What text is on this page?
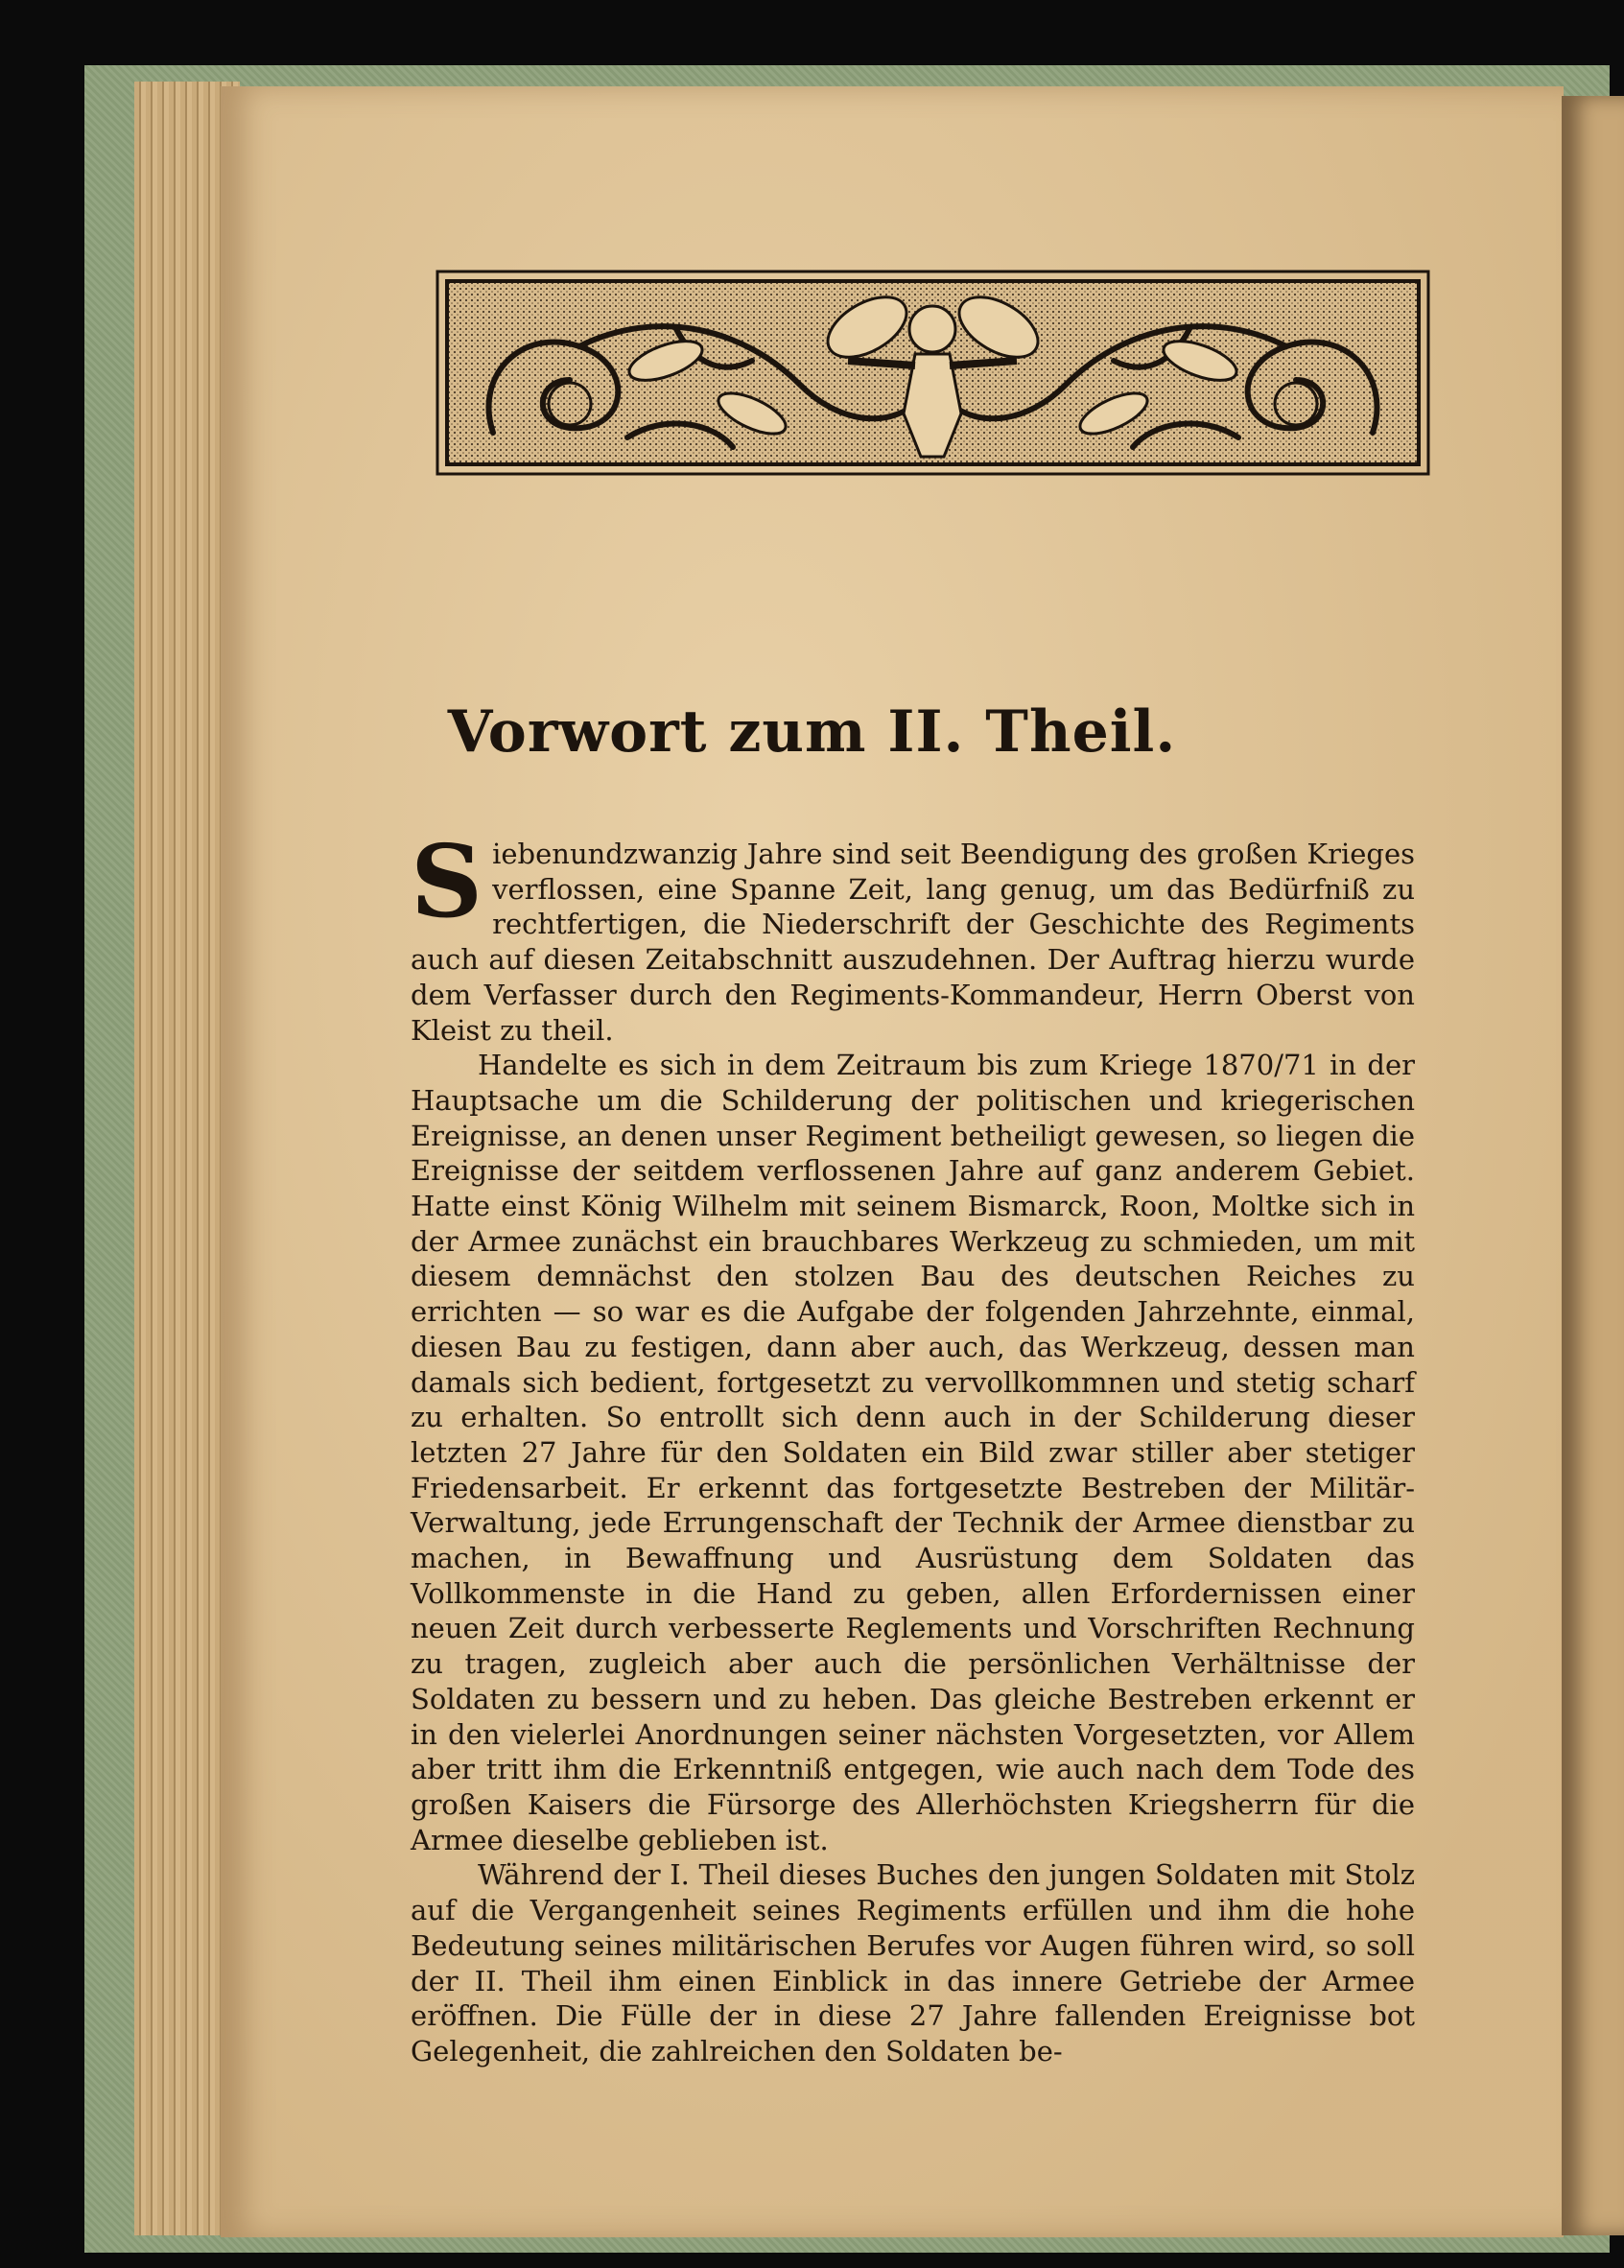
Vorwort zum II. Theil.

Siebenundzwanzig Jahre sind seit Beendigung des großen Krieges verflossen, eine Spanne Zeit, lang genug, um das Bedürfniß zu rechtfertigen, die Niederschrift der Geschichte des Regiments auch auf diesen Zeitabschnitt auszudehnen. Der Auftrag hierzu wurde dem Verfasser durch den Regiments-Kommandeur, Herrn Oberst von Kleist zu theil.

Handelte es sich in dem Zeitraum bis zum Kriege 1870/71 in der Hauptsache um die Schilderung der politischen und kriegerischen Ereignisse, an denen unser Regiment betheiligt gewesen, so liegen die Ereignisse der seitdem verflossenen Jahre auf ganz anderem Gebiet. Hatte einst König Wilhelm mit seinem Bismarck, Roon, Moltke sich in der Armee zunächst ein brauchbares Werkzeug zu schmieden, um mit diesem demnächst den stolzen Bau des deutschen Reiches zu errichten — so war es die Aufgabe der folgenden Jahrzehnte, einmal, diesen Bau zu festigen, dann aber auch, das Werkzeug, dessen man damals sich bedient, fortgesetzt zu vervollkommnen und stetig scharf zu erhalten. So entrollt sich denn auch in der Schilderung dieser letzten 27 Jahre für den Soldaten ein Bild zwar stiller aber stetiger Friedensarbeit. Er erkennt das fortgesetzte Bestreben der Militär-Verwaltung, jede Errungenschaft der Technik der Armee dienstbar zu machen, in Bewaffnung und Ausrüstung dem Soldaten das Vollkommenste in die Hand zu geben, allen Erfordernissen einer neuen Zeit durch verbesserte Reglements und Vorschriften Rechnung zu tragen, zugleich aber auch die persönlichen Verhältnisse der Soldaten zu bessern und zu heben. Das gleiche Bestreben erkennt er in den vielerlei Anordnungen seiner nächsten Vorgesetzten, vor Allem aber tritt ihm die Erkenntniß entgegen, wie auch nach dem Tode des großen Kaisers die Fürsorge des Allerhöchsten Kriegsherrn für die Armee dieselbe geblieben ist.

Während der I. Theil dieses Buches den jungen Soldaten mit Stolz auf die Vergangenheit seines Regiments erfüllen und ihm die hohe Bedeutung seines militärischen Berufes vor Augen führen wird, so soll der II. Theil ihm einen Einblick in das innere Getriebe der Armee eröffnen. Die Fülle der in diese 27 Jahre fallenden Ereignisse bot Gelegenheit, die zahlreichen den Soldaten be-
